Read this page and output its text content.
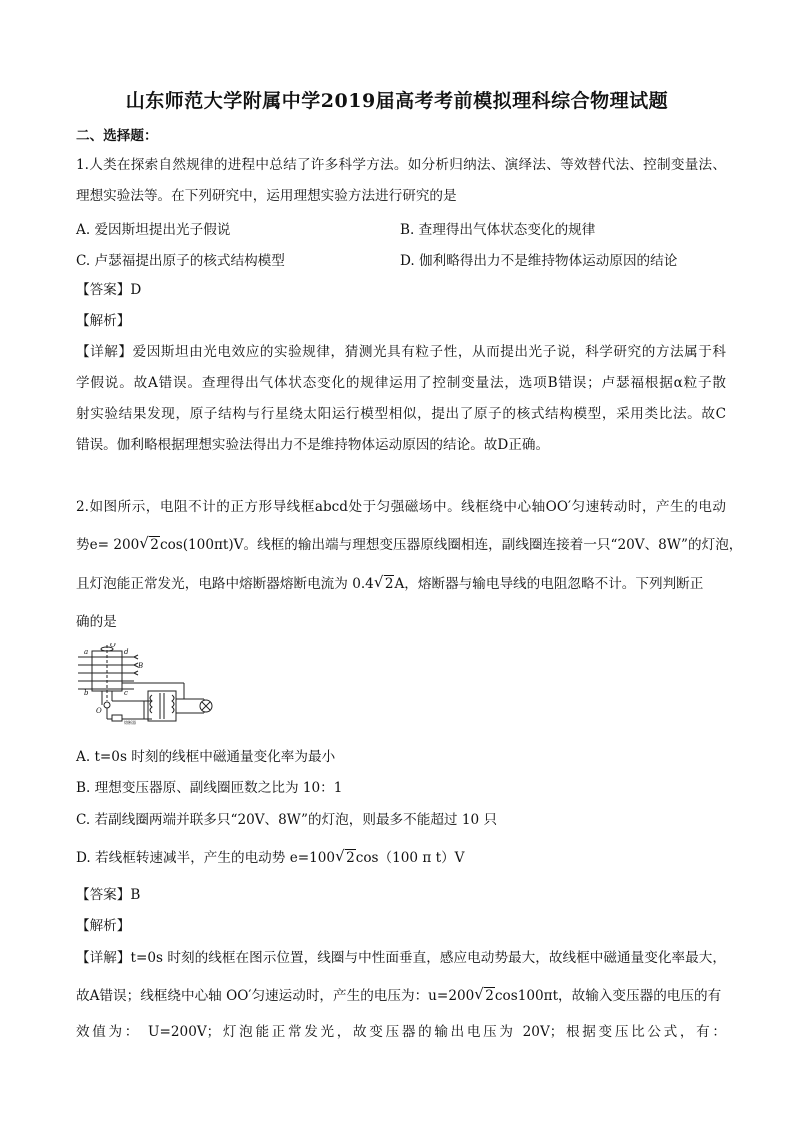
山东师范大学附属中学2019届高考考前模拟理科综合物理试题
二、选择题：
1.人类在探索自然规律的进程中总结了许多科学方法。如分析归纳法、演绎法、等效替代法、控制变量法、
理想实验法等。在下列研究中，运用理想实验方法进行研究的是
A. 爱因斯坦提出光子假说	B. 查理得出气体状态变化的规律
C. 卢瑟福提出原子的核式结构模型	D. 伽利略得出力不是维持物体运动原因的结论
【答案】D
【解析】
【详解】爱因斯坦由光电效应的实验规律，猜测光具有粒子性，从而提出光子说，科学研究的方法属于科
学假说。故A错误。查理得出气体状态变化的规律运用了控制变量法，选项B错误；卢瑟福根据α粒子散
射实验结果发现，原子结构与行星绕太阳运行模型相似，提出了原子的核式结构模型，采用类比法。故C
错误。伽利略根据理想实验法得出力不是维持物体运动原因的结论。故D正确。
2.如图所示，电阻不计的正方形导线框abcd处于匀强磁场中。线框绕中心轴OO′匀速转动时，产生的电动
势e= 200 √ 2cos(100πt)V。线框的输出端与理想变压器原线圈相连，副线圈连接着一只“20V、8W”的灯泡，
且灯泡能正常发光，电路中熔断器熔断电流为 0.4 √ 2A，熔断器与输电导线的电阻忽略不计。下列判断正
确的是
O′
a	d
B
b	c
O
熔断器
A. t=0s 时刻的线框中磁通量变化率为最小
B. 理想变压器原、副线圈匝数之比为 10：1
C. 若副线圈两端并联多只“20V、8W”的灯泡，则最多不能超过 10 只
D. 若线框转速减半，产生的电动势 e=100 √ 2cos（100 π t）V
【答案】B
【解析】
【详解】t=0s 时刻的线框在图示位置，线圈与中性面垂直，感应电动势最大，故线框中磁通量变化率最大，
故A错误；线框绕中心轴 OO′匀速运动时，产生的电压为：u=200 √ 2cos100πt，故输入变压器的电压的有
效值为： U=200V；灯泡能正常发光，故变压器的输出电压为 20V；根据变压比公式，有：
